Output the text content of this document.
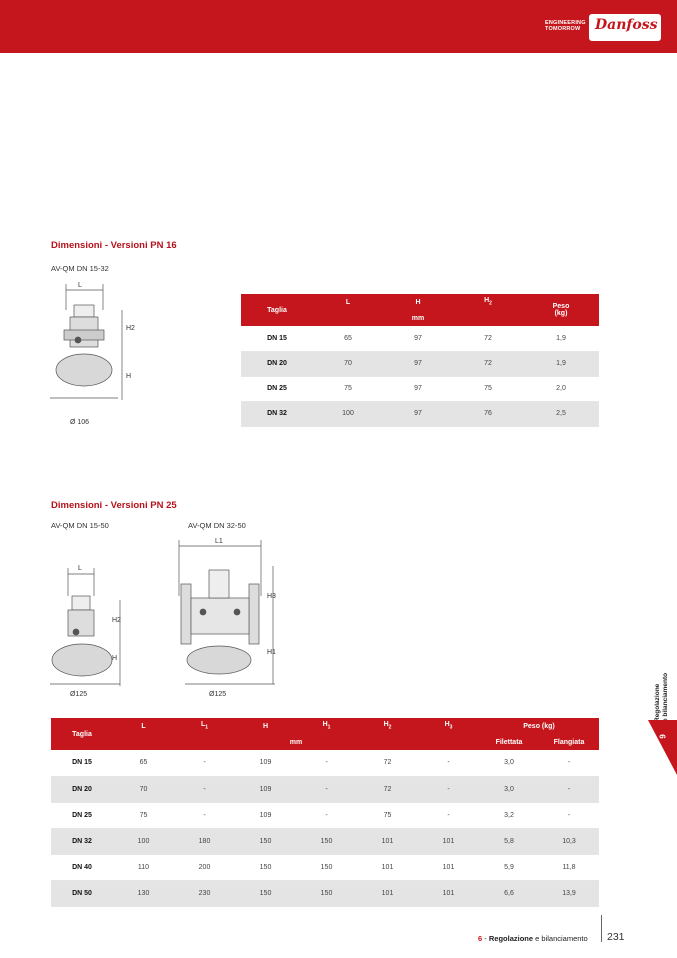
ENGINEERING
TOMORROW	Danfoss
Dimensioni - Versioni PN 16
AV-QM DN 15-32
L
H
H2
Ø 106
Taglia	L	H	$H_2$	Peso
(kg)
	mm			
DN 15	65	97	72	1,9
DN 20	70	97	72	1,9
DN 25	75	97	75	2,0
DN 32	100	97	76	2,5
Dimensioni - Versioni PN 25
AV-QM DN 15-50	AV-QM DN 32-50
L
H
H2
Ø125
L1
H3
H1
Ø125
Taglia	L	$L_1$	H	$H_1$	$H_2$	$H_3$	Peso (kg)	
	mm						Filettata	Flangiata
DN 15	65	-	109	-	72	-	3,0	-
DN 20	70	-	109	-	72	-	3,0	-
DN 25	75	-	109	-	75	-	3,2	-
DN 32	100	180	150	150	101	101	5,8	10,3
DN 40	110	200	150	150	101	101	5,9	11,8
DN 50	130	230	150	150	101	101	6,6	13,9
Regolazione e bilanciamento
6
6 - Regolazione e bilanciamento 231
